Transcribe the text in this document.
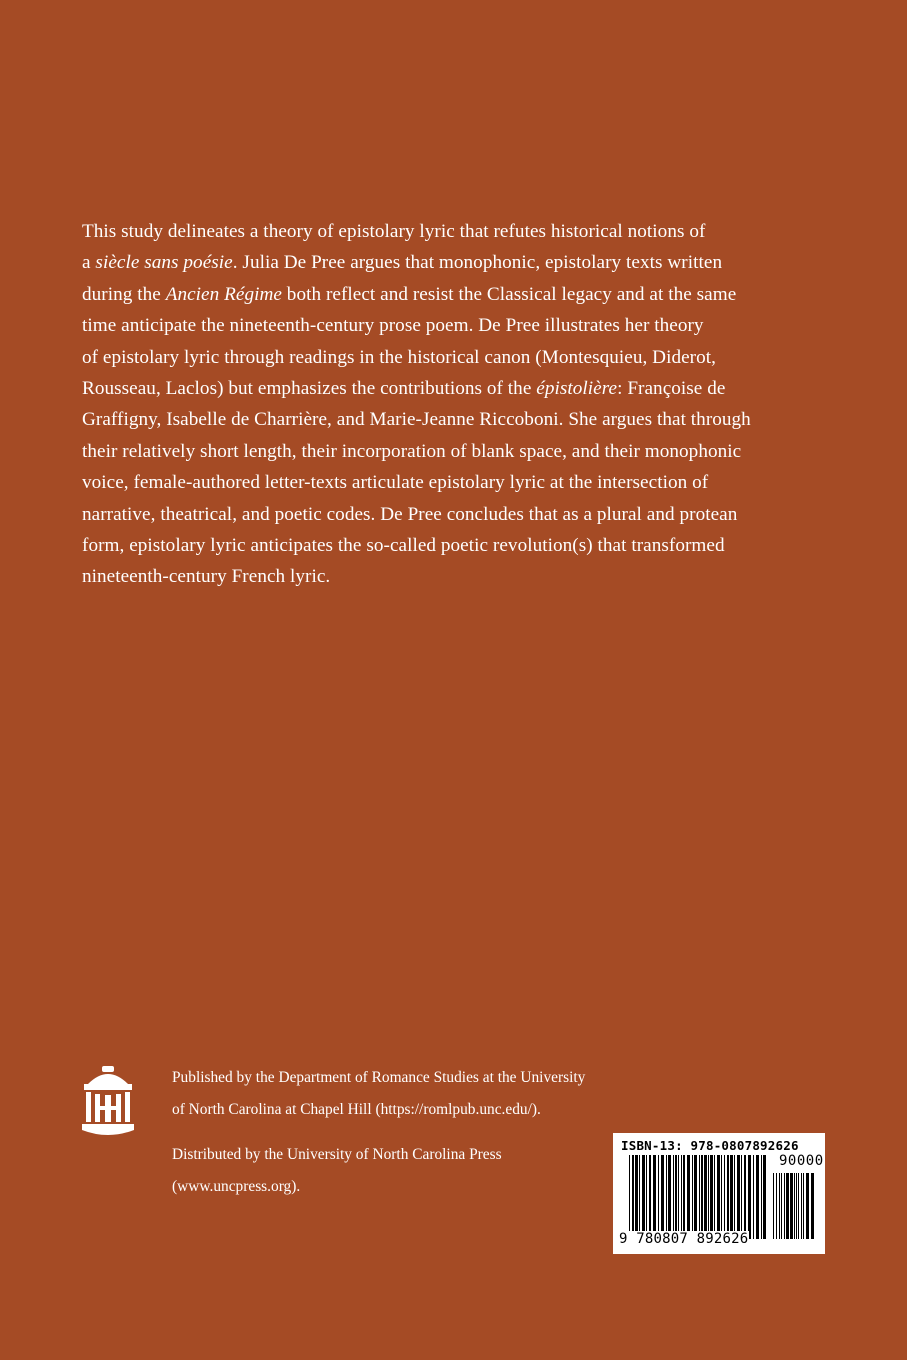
This study delineates a theory of epistolary lyric that refutes historical notions of
a siècle sans poésie. Julia De Pree argues that monophonic, epistolary texts written
during the Ancien Régime both reflect and resist the Classical legacy and at the same
time anticipate the nineteenth-century prose poem. De Pree illustrates her theory
of epistolary lyric through readings in the historical canon (Montesquieu, Diderot,
Rousseau, Laclos) but emphasizes the contributions of the épistolière: Françoise de
Graffigny, Isabelle de Charrière, and Marie-Jeanne Riccoboni. She argues that through
their relatively short length, their incorporation of blank space, and their monophonic
voice, female-authored letter-texts articulate epistolary lyric at the intersection of
narrative, theatrical, and poetic codes. De Pree concludes that as a plural and protean
form, epistolary lyric anticipates the so-called poetic revolution(s) that transformed
nineteenth-century French lyric.

Published by the Department of Romance Studies at the University of North Carolina at Chapel Hill (https://romlpub.unc.edu/).

Distributed by the University of North Carolina Press (www.uncpress.org).

ISBN-13: 978-0807892626
90000
9 780807 892626
